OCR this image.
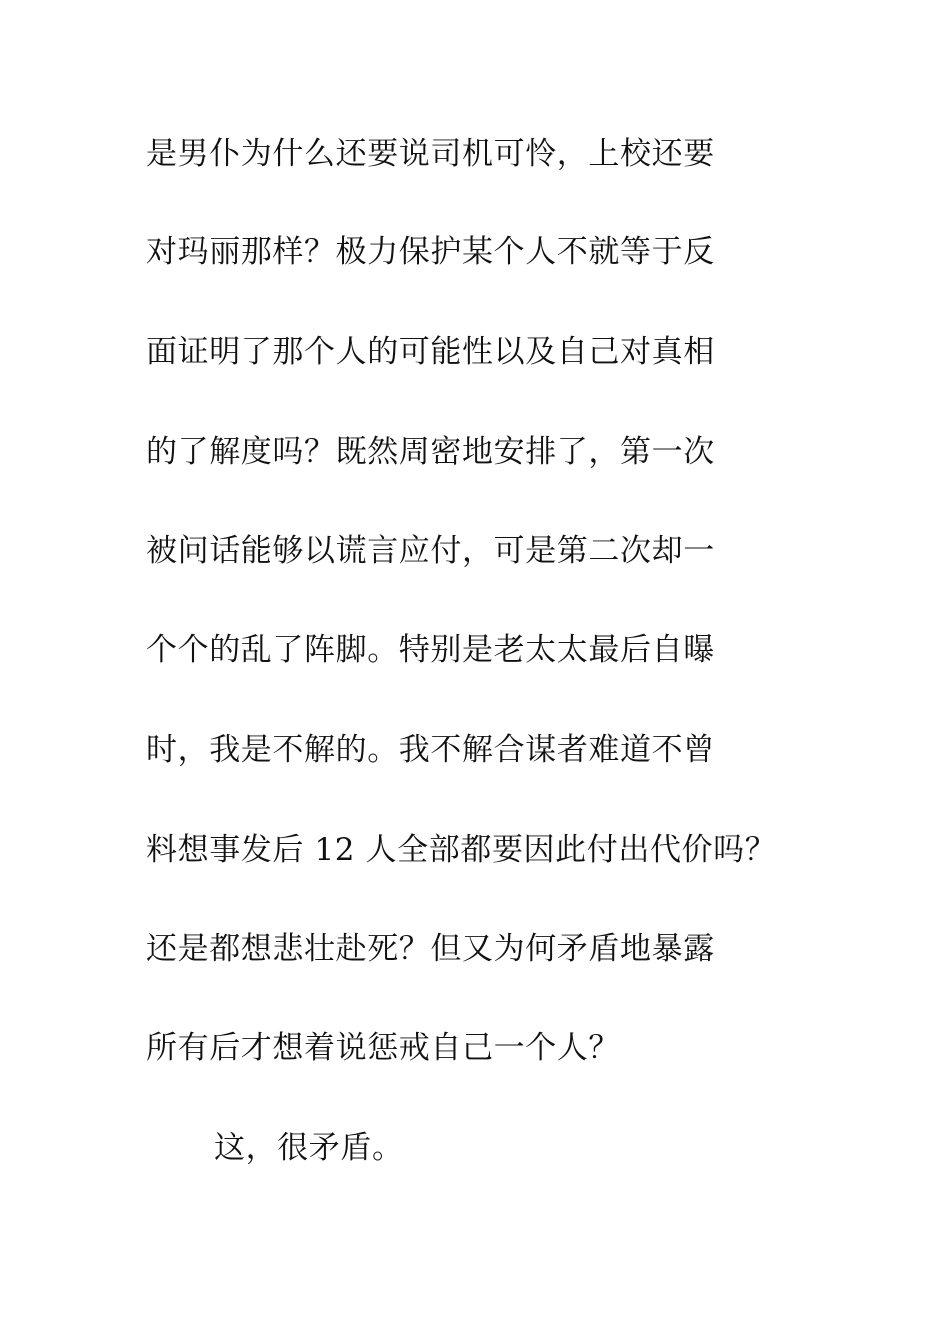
是男仆为什么还要说司机可怜，上校还要
对玛丽那样？极力保护某个人不就等于反
面证明了那个人的可能性以及自己对真相
的了解度吗？既然周密地安排了，第一次
被问话能够以谎言应付，可是第二次却一
个个的乱了阵脚。特别是老太太最后自曝
时，我是不解的。我不解合谋者难道不曾
料想事发后 12 人全部都要因此付出代价吗？
还是都想悲壮赴死？但又为何矛盾地暴露
所有后才想着说惩戒自己一个人？
这，很矛盾。
